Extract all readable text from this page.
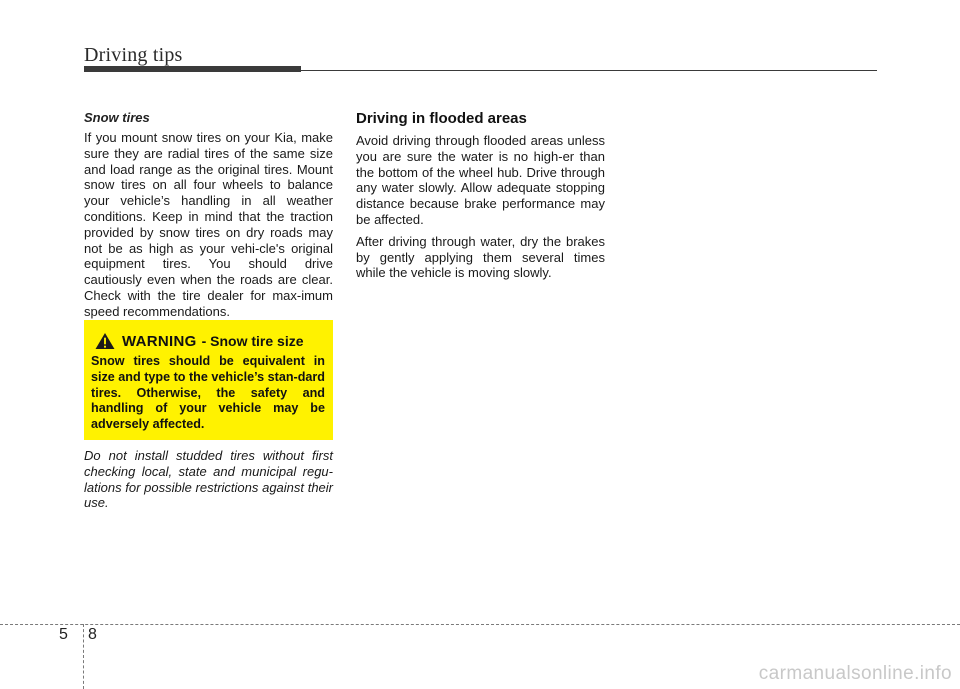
Driving tips

Snow tires

If you mount snow tires on your Kia, make sure they are radial tires of the same size and load range as the original tires. Mount snow tires on all four wheels to balance your vehicle’s handling in all weather conditions. Keep in mind that the traction provided by snow tires on dry roads may not be as high as your vehi-cle's original equipment tires. You should drive cautiously even when the roads are clear. Check with the tire dealer for max-imum speed recommendations.

WARNING - Snow tire size

Snow tires should be equivalent in size and type to the vehicle’s stan-dard tires. Otherwise, the safety and handling of your vehicle may be adversely affected.

Do not install studded tires without first checking local, state and municipal regu-lations for possible restrictions against their use.

Driving in flooded areas

Avoid driving through flooded areas unless you are sure the water is no high-er than the bottom of the wheel hub. Drive through any water slowly. Allow adequate stopping distance because brake performance may be affected.

After driving through water, dry the brakes by gently applying them several times while the vehicle is moving slowly.

5 8
carmanualsonline.info
